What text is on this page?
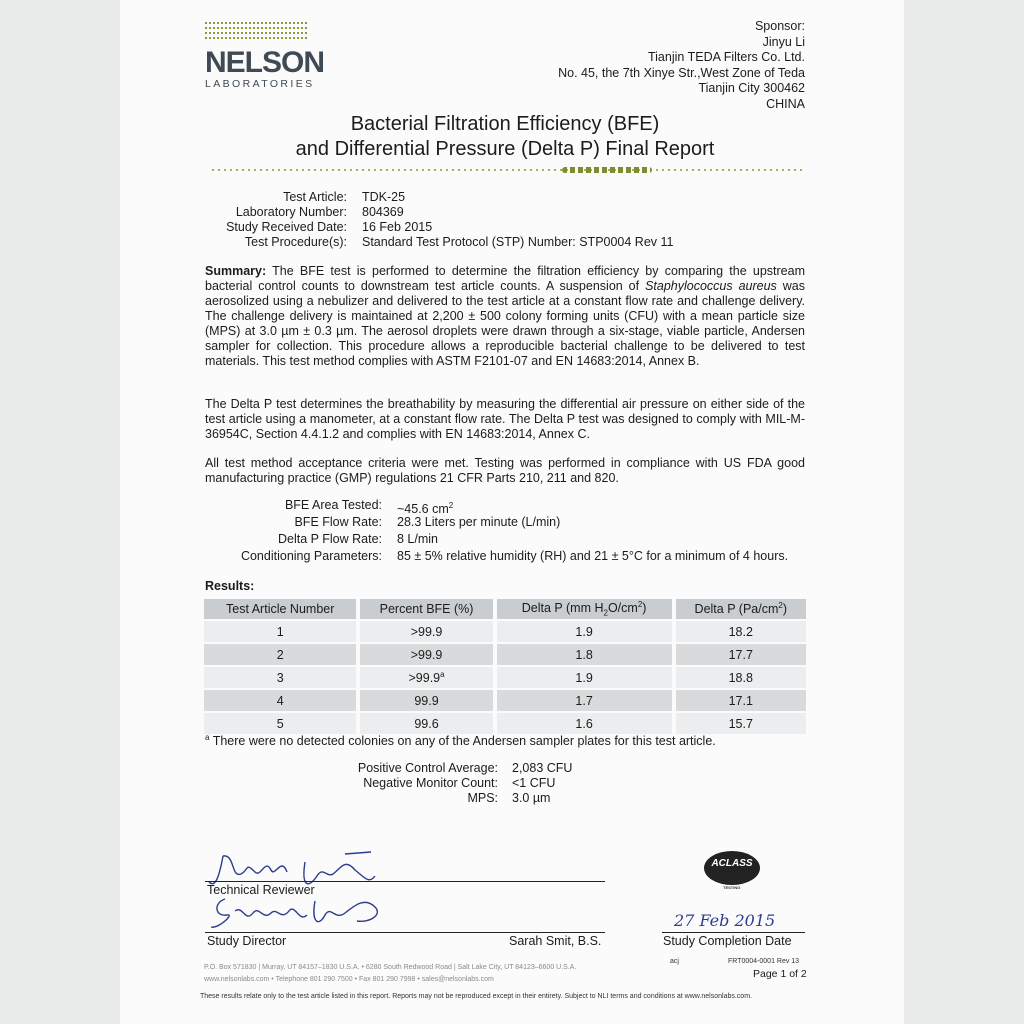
NELSON
LABORATORIES
Sponsor:
Jinyu Li
Tianjin TEDA Filters Co. Ltd.
No. 45, the 7th Xinye Str.,West Zone of Teda
Tianjin City 300462
CHINA
Bacterial Filtration Efficiency (BFE)
and Differential Pressure (Delta P) Final Report
Test Article: TDK-25
Laboratory Number: 804369
Study Received Date: 16 Feb 2015
Test Procedure(s): Standard Test Protocol (STP) Number: STP0004 Rev 11
Summary: The BFE test is performed to determine the filtration efficiency by comparing the upstream bacterial control counts to downstream test article counts. A suspension of Staphylococcus aureus was aerosolized using a nebulizer and delivered to the test article at a constant flow rate and challenge delivery. The challenge delivery is maintained at 2,200 ± 500 colony forming units (CFU) with a mean particle size (MPS) at 3.0 µm ± 0.3 µm. The aerosol droplets were drawn through a six-stage, viable particle, Andersen sampler for collection. This procedure allows a reproducible bacterial challenge to be delivered to test materials. This test method complies with ASTM F2101-07 and EN 14683:2014, Annex B.
The Delta P test determines the breathability by measuring the differential air pressure on either side of the test article using a manometer, at a constant flow rate. The Delta P test was designed to comply with MIL-M-36954C, Section 4.4.1.2 and complies with EN 14683:2014, Annex C.
All test method acceptance criteria were met. Testing was performed in compliance with US FDA good manufacturing practice (GMP) regulations 21 CFR Parts 210, 211 and 820.
BFE Area Tested: ~45.6 $cm^2$
BFE Flow Rate: 28.3 Liters per minute (L/min)
Delta P Flow Rate: 8 L/min
Conditioning Parameters: 85 ± 5% relative humidity (RH) and 21 ± 5°C for a minimum of 4 hours.
Results:
Test Article Number	Percent BFE (%)	Delta P (mm $H_2O/cm^2$)	Delta P $(Pa/cm^2)$
1	>99.9	1.9	18.2
2	>99.9	1.8	17.7
3	>99.9$^a$	1.9	18.8
4	99.9	1.7	17.1
5	99.6	1.6	15.7
$^a$ There were no detected colonies on any of the Andersen sampler plates for this test article.
Positive Control Average: 2,083 CFU
Negative Monitor Count: <1 CFU
MPS: 3.0 µm
Technical Reviewer
Study Director	Sarah Smit, B.S.
ACLASS
ACCREDITED
TESTING
27 Feb 2015
Study Completion Date
P.O. Box 571830 | Murray, UT 84157–1830 U.S.A. • 6280 South Redwood Road | Salt Lake City, UT 84123–6600 U.S.A.
www.nelsonlabs.com • Telephone 801 290 7500 • Fax 801 290 7998 • sales@nelsonlabs.com
acj	FRT0004-0001 Rev 13
Page 1 of 2
These results relate only to the test article listed in this report. Reports may not be reproduced except in their entirety. Subject to NLI terms and conditions at www.nelsonlabs.com.
